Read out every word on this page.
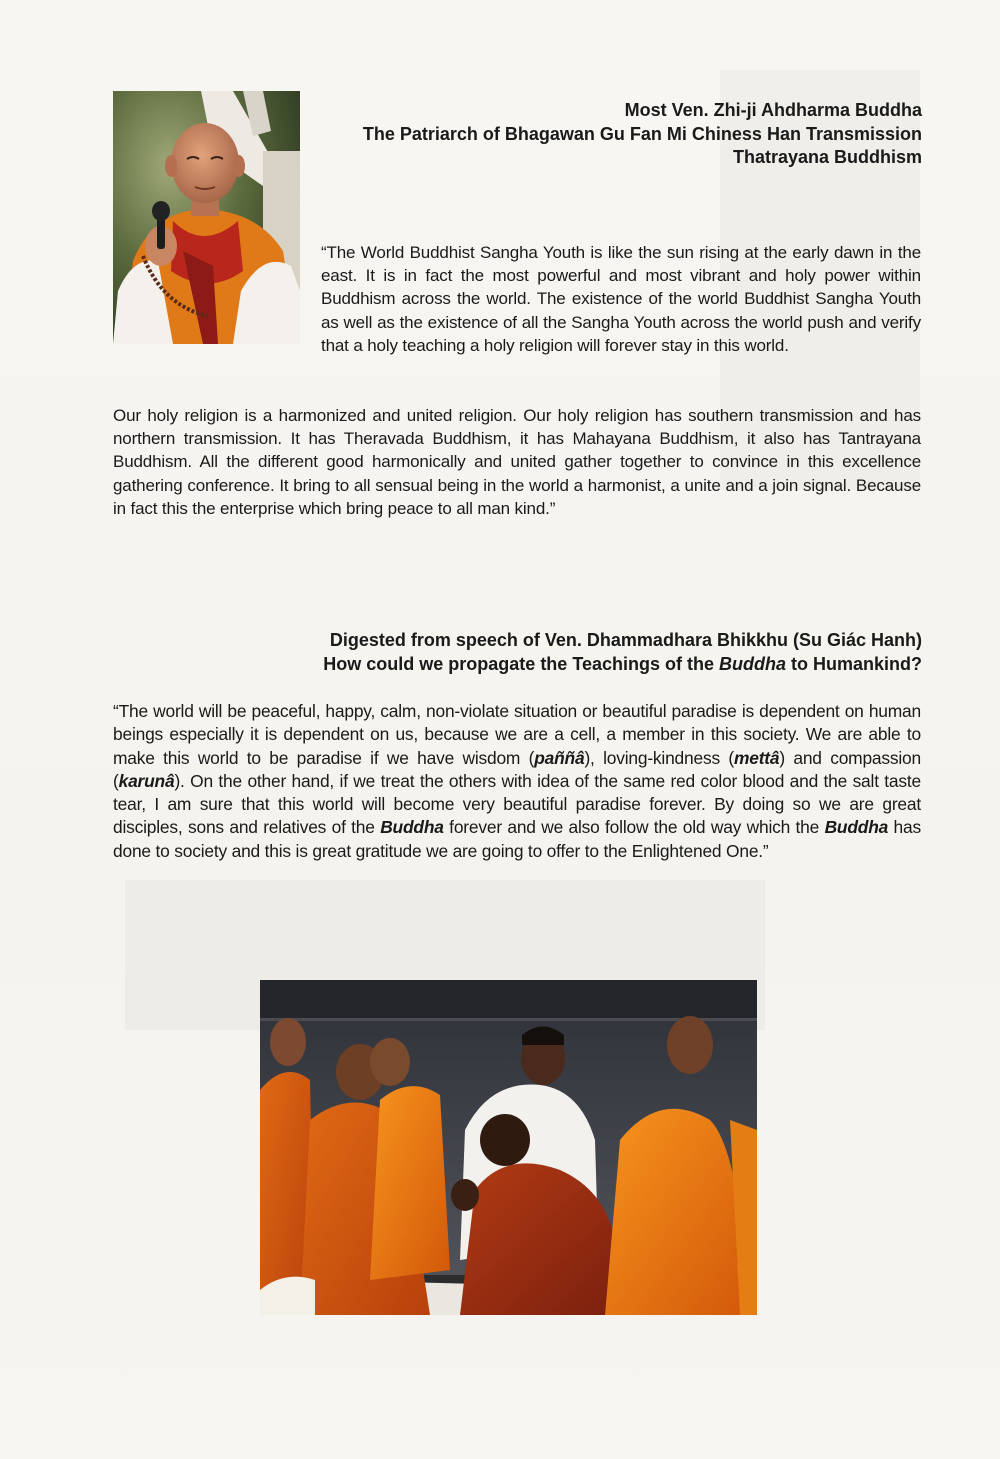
Most Ven. Zhi-ji Ahdharma Buddha
The Patriarch of Bhagawan Gu Fan Mi Chiness Han Transmission
Thatrayana Buddhism
“The World Buddhist Sangha Youth is like the sun rising at the early dawn in the east. It is in fact the most powerful and most vibrant and holy power within Buddhism across the world. The existence of the world Buddhist Sangha Youth as well as the existence of all the Sangha Youth across the world push and verify that a holy teaching a holy religion will forever stay in this world.
Our holy religion is a harmonized and united religion. Our holy religion has southern transmission and has northern transmission. It has Theravada Buddhism, it has Mahayana Buddhism, it also has Tantrayana Buddhism. All the different good harmonically and united gather together to convince in this excellence gathering conference. It bring to all sensual being in the world a harmonist, a unite and a join signal. Because in fact this the enterprise which bring peace to all man kind.”
Digested from speech of Ven. Dhammadhara Bhikkhu (Su Giác Hanh)
How could we propagate the Teachings of the Buddha to Humankind?
“The world will be peaceful, happy, calm, non-violate situation or beautiful paradise is dependent on human beings especially it is dependent on us, because we are a cell, a member in this society. We are able to make this world to be paradise if we have wisdom (paññâ), loving-kindness (mettâ) and compassion (karunâ). On the other hand, if we treat the others with idea of the same red color blood and the salt taste tear, I am sure that this world will become very beautiful paradise forever. By doing so we are great disciples, sons and relatives of the Buddha forever and we also follow the old way which the Buddha has done to society and this is great gratitude we are going to offer to the Enlightened One.”
